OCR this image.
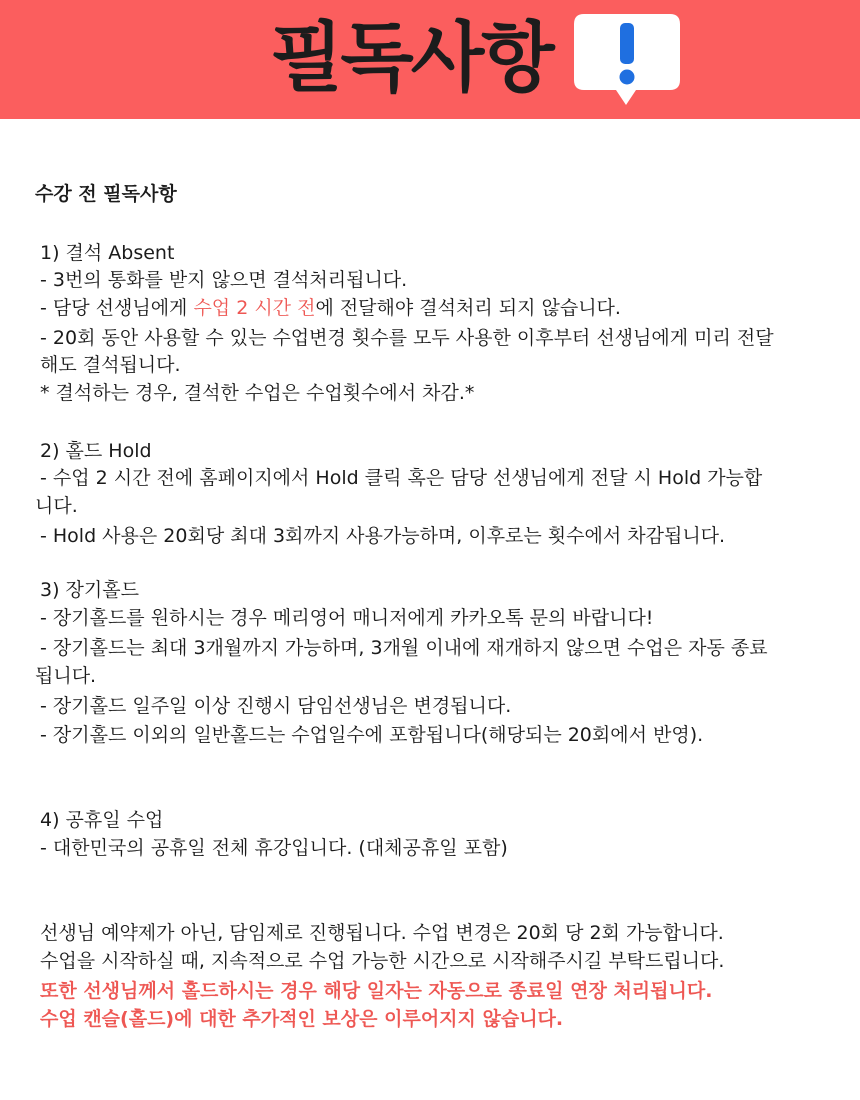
필독사항
수강 전 필독사항
1) 결석 Absent
- 3번의 통화를 받지 않으면 결석처리됩니다.
- 담당 선생님에게 수업 2 시간 전에 전달해야 결석처리 되지 않습니다.
- 20회 동안 사용할 수 있는 수업변경 횟수를 모두 사용한 이후부터 선생님에게 미리 전달
해도 결석됩니다.
* 결석하는 경우, 결석한 수업은 수업횟수에서 차감.*
2) 홀드 Hold
- 수업 2 시간 전에 홈페이지에서 Hold 클릭 혹은 담당 선생님에게 전달 시 Hold 가능합
니다.
- Hold 사용은 20회당 최대 3회까지 사용가능하며, 이후로는 횟수에서 차감됩니다.
3) 장기홀드
- 장기홀드를 원하시는 경우 메리영어 매니저에게 카카오톡 문의 바랍니다!
- 장기홀드는 최대 3개월까지 가능하며, 3개월 이내에 재개하지 않으면 수업은 자동 종료
됩니다.
- 장기홀드 일주일 이상 진행시 담임선생님은 변경됩니다.
- 장기홀드 이외의 일반홀드는 수업일수에 포함됩니다(해당되는 20회에서 반영).
4) 공휴일 수업
- 대한민국의 공휴일 전체 휴강입니다. (대체공휴일 포함)
선생님 예약제가 아닌, 담임제로 진행됩니다. 수업 변경은 20회 당 2회 가능합니다.
수업을 시작하실 때, 지속적으로 수업 가능한 시간으로 시작해주시길 부탁드립니다.
또한 선생님께서 홀드하시는 경우 해당 일자는 자동으로 종료일 연장 처리됩니다.
수업 캔슬(홀드)에 대한 추가적인 보상은 이루어지지 않습니다.
